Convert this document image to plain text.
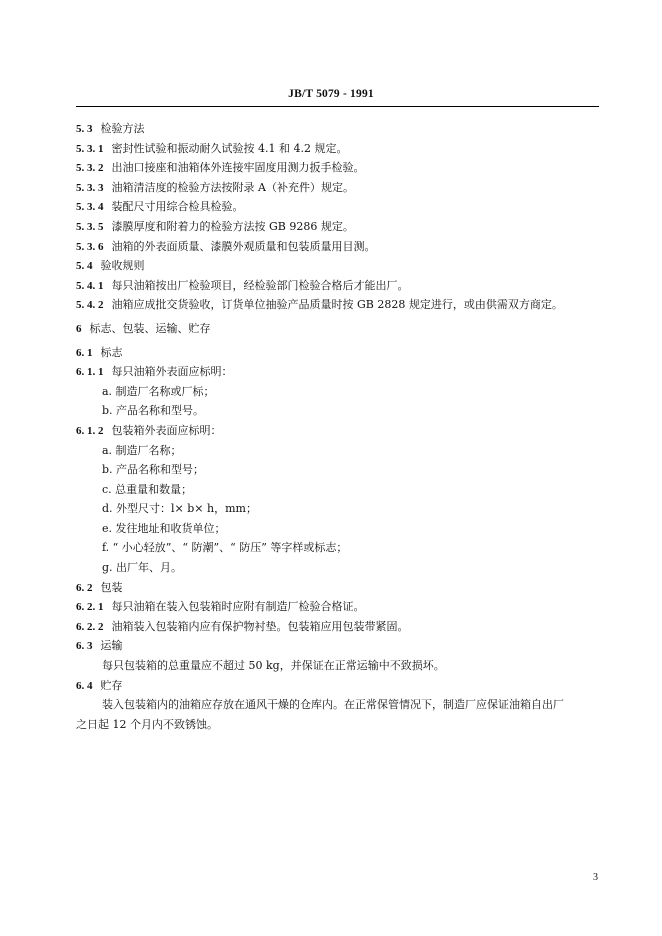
JB/T 5079 - 1991
5. 3 检验方法
5. 3. 1 密封性试验和振动耐久试验按 4.1 和 4.2 规定。
5. 3. 2 出油口接座和油箱体外连接牢固度用测力扳手检验。
5. 3. 3 油箱清洁度的检验方法按附录 A（补充件）规定。
5. 3. 4 装配尺寸用综合检具检验。
5. 3. 5 漆膜厚度和附着力的检验方法按 GB 9286 规定。
5. 3. 6 油箱的外表面质量、漆膜外观质量和包装质量用目测。
5. 4 验收规则
5. 4. 1 每只油箱按出厂检验项目，经检验部门检验合格后才能出厂。
5. 4. 2 油箱应成批交货验收，订货单位抽验产品质量时按 GB 2828 规定进行，或由供需双方商定。
6 标志、包装、运输、贮存
6. 1 标志
6. 1. 1 每只油箱外表面应标明：
a. 制造厂名称或厂标；
b. 产品名称和型号。
6. 1. 2 包装箱外表面应标明：
a. 制造厂名称；
b. 产品名称和型号；
c. 总重量和数量；
d. 外型尺寸：l× b× h，mm；
e. 发往地址和收货单位；
f. “ 小心轻放”、“ 防潮”、“ 防压” 等字样或标志；
g. 出厂年、月。
6. 2 包装
6. 2. 1 每只油箱在装入包装箱时应附有制造厂检验合格证。
6. 2. 2 油箱装入包装箱内应有保护物衬垫。包装箱应用包装带紧固。
6. 3 运输
每只包装箱的总重量应不超过 50 kg，并保证在正常运输中不致损坏。
6. 4 贮存
装入包装箱内的油箱应存放在通风干燥的仓库内。在正常保管情况下，制造厂应保证油箱自出厂
之日起 12 个月内不致锈蚀。
3
